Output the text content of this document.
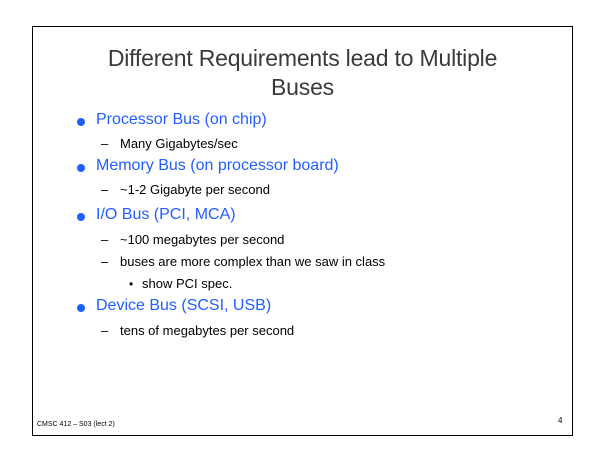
Different Requirements lead to Multiple
Buses
Processor Bus (on chip)
– Many Gigabytes/sec
Memory Bus (on processor board)
– ~1-2 Gigabyte per second
I/O Bus (PCI, MCA)
– ~100 megabytes per second
– buses are more complex than we saw in class
• show PCI spec.
Device Bus (SCSI, USB)
– tens of megabytes per second
CMSC 412 – S03 (lect 2)	4
